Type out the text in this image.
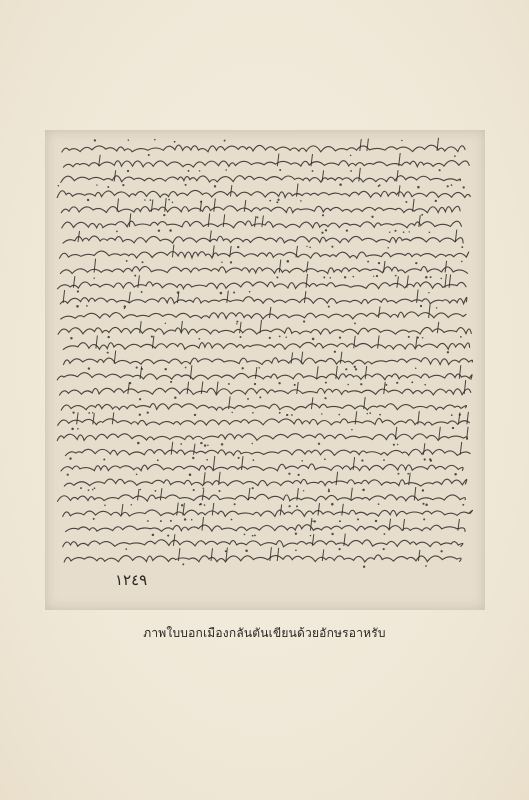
١٢٤٩
ภาพใบบอกเมืองกลันตันเขียนด้วยอักษรอาหรับ
